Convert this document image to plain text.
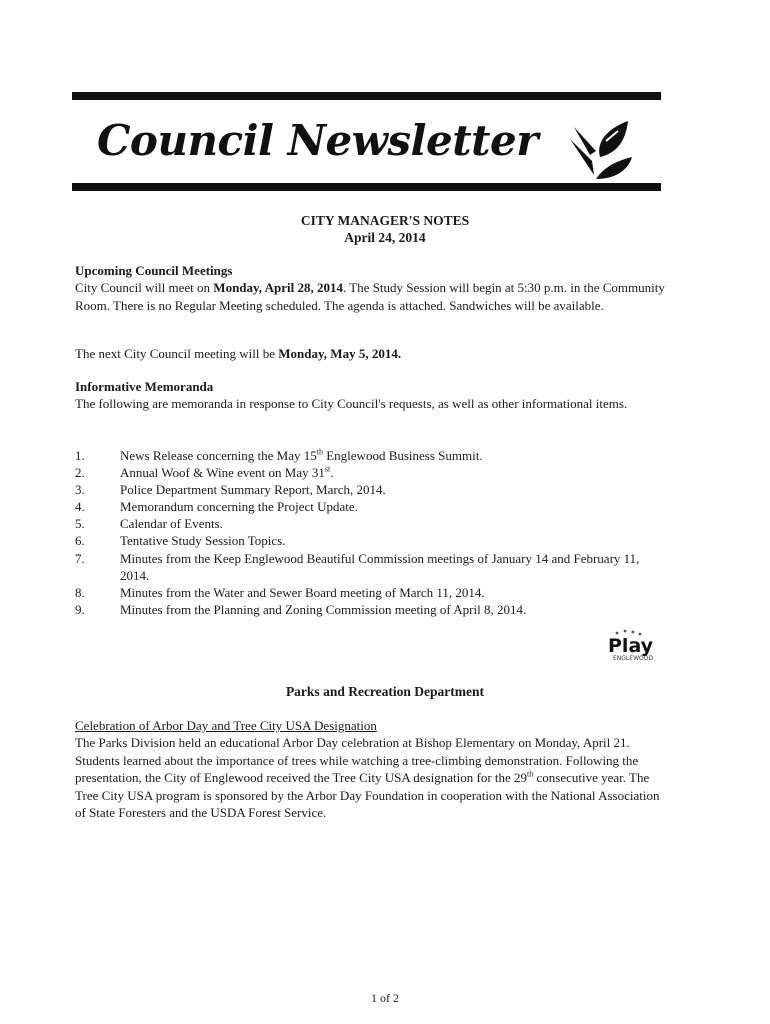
Council Newsletter
CITY MANAGER'S NOTES
April 24, 2014
Upcoming Council Meetings
City Council will meet on Monday, April 28, 2014. The Study Session will begin at 5:30 p.m. in the Community Room. There is no Regular Meeting scheduled. The agenda is attached. Sandwiches will be available.
The next City Council meeting will be Monday, May 5, 2014.
Informative Memoranda
The following are memoranda in response to City Council's requests, as well as other informational items.
1.	News Release concerning the May 15th Englewood Business Summit.
2.	Annual Woof & Wine event on May 31st.
3.	Police Department Summary Report, March, 2014.
4.	Memorandum concerning the Project Update.
5.	Calendar of Events.
6.	Tentative Study Session Topics.
7.	Minutes from the Keep Englewood Beautiful Commission meetings of January 14 and February 11, 2014.
8.	Minutes from the Water and Sewer Board meeting of March 11, 2014.
9.	Minutes from the Planning and Zoning Commission meeting of April 8, 2014.
Play
ENGLEWOOD
Parks and Recreation Department
Celebration of Arbor Day and Tree City USA Designation
The Parks Division held an educational Arbor Day celebration at Bishop Elementary on Monday, April 21. Students learned about the importance of trees while watching a tree-climbing demonstration. Following the presentation, the City of Englewood received the Tree City USA designation for the 29th consecutive year. The Tree City USA program is sponsored by the Arbor Day Foundation in cooperation with the National Association of State Foresters and the USDA Forest Service.
1 of 2
